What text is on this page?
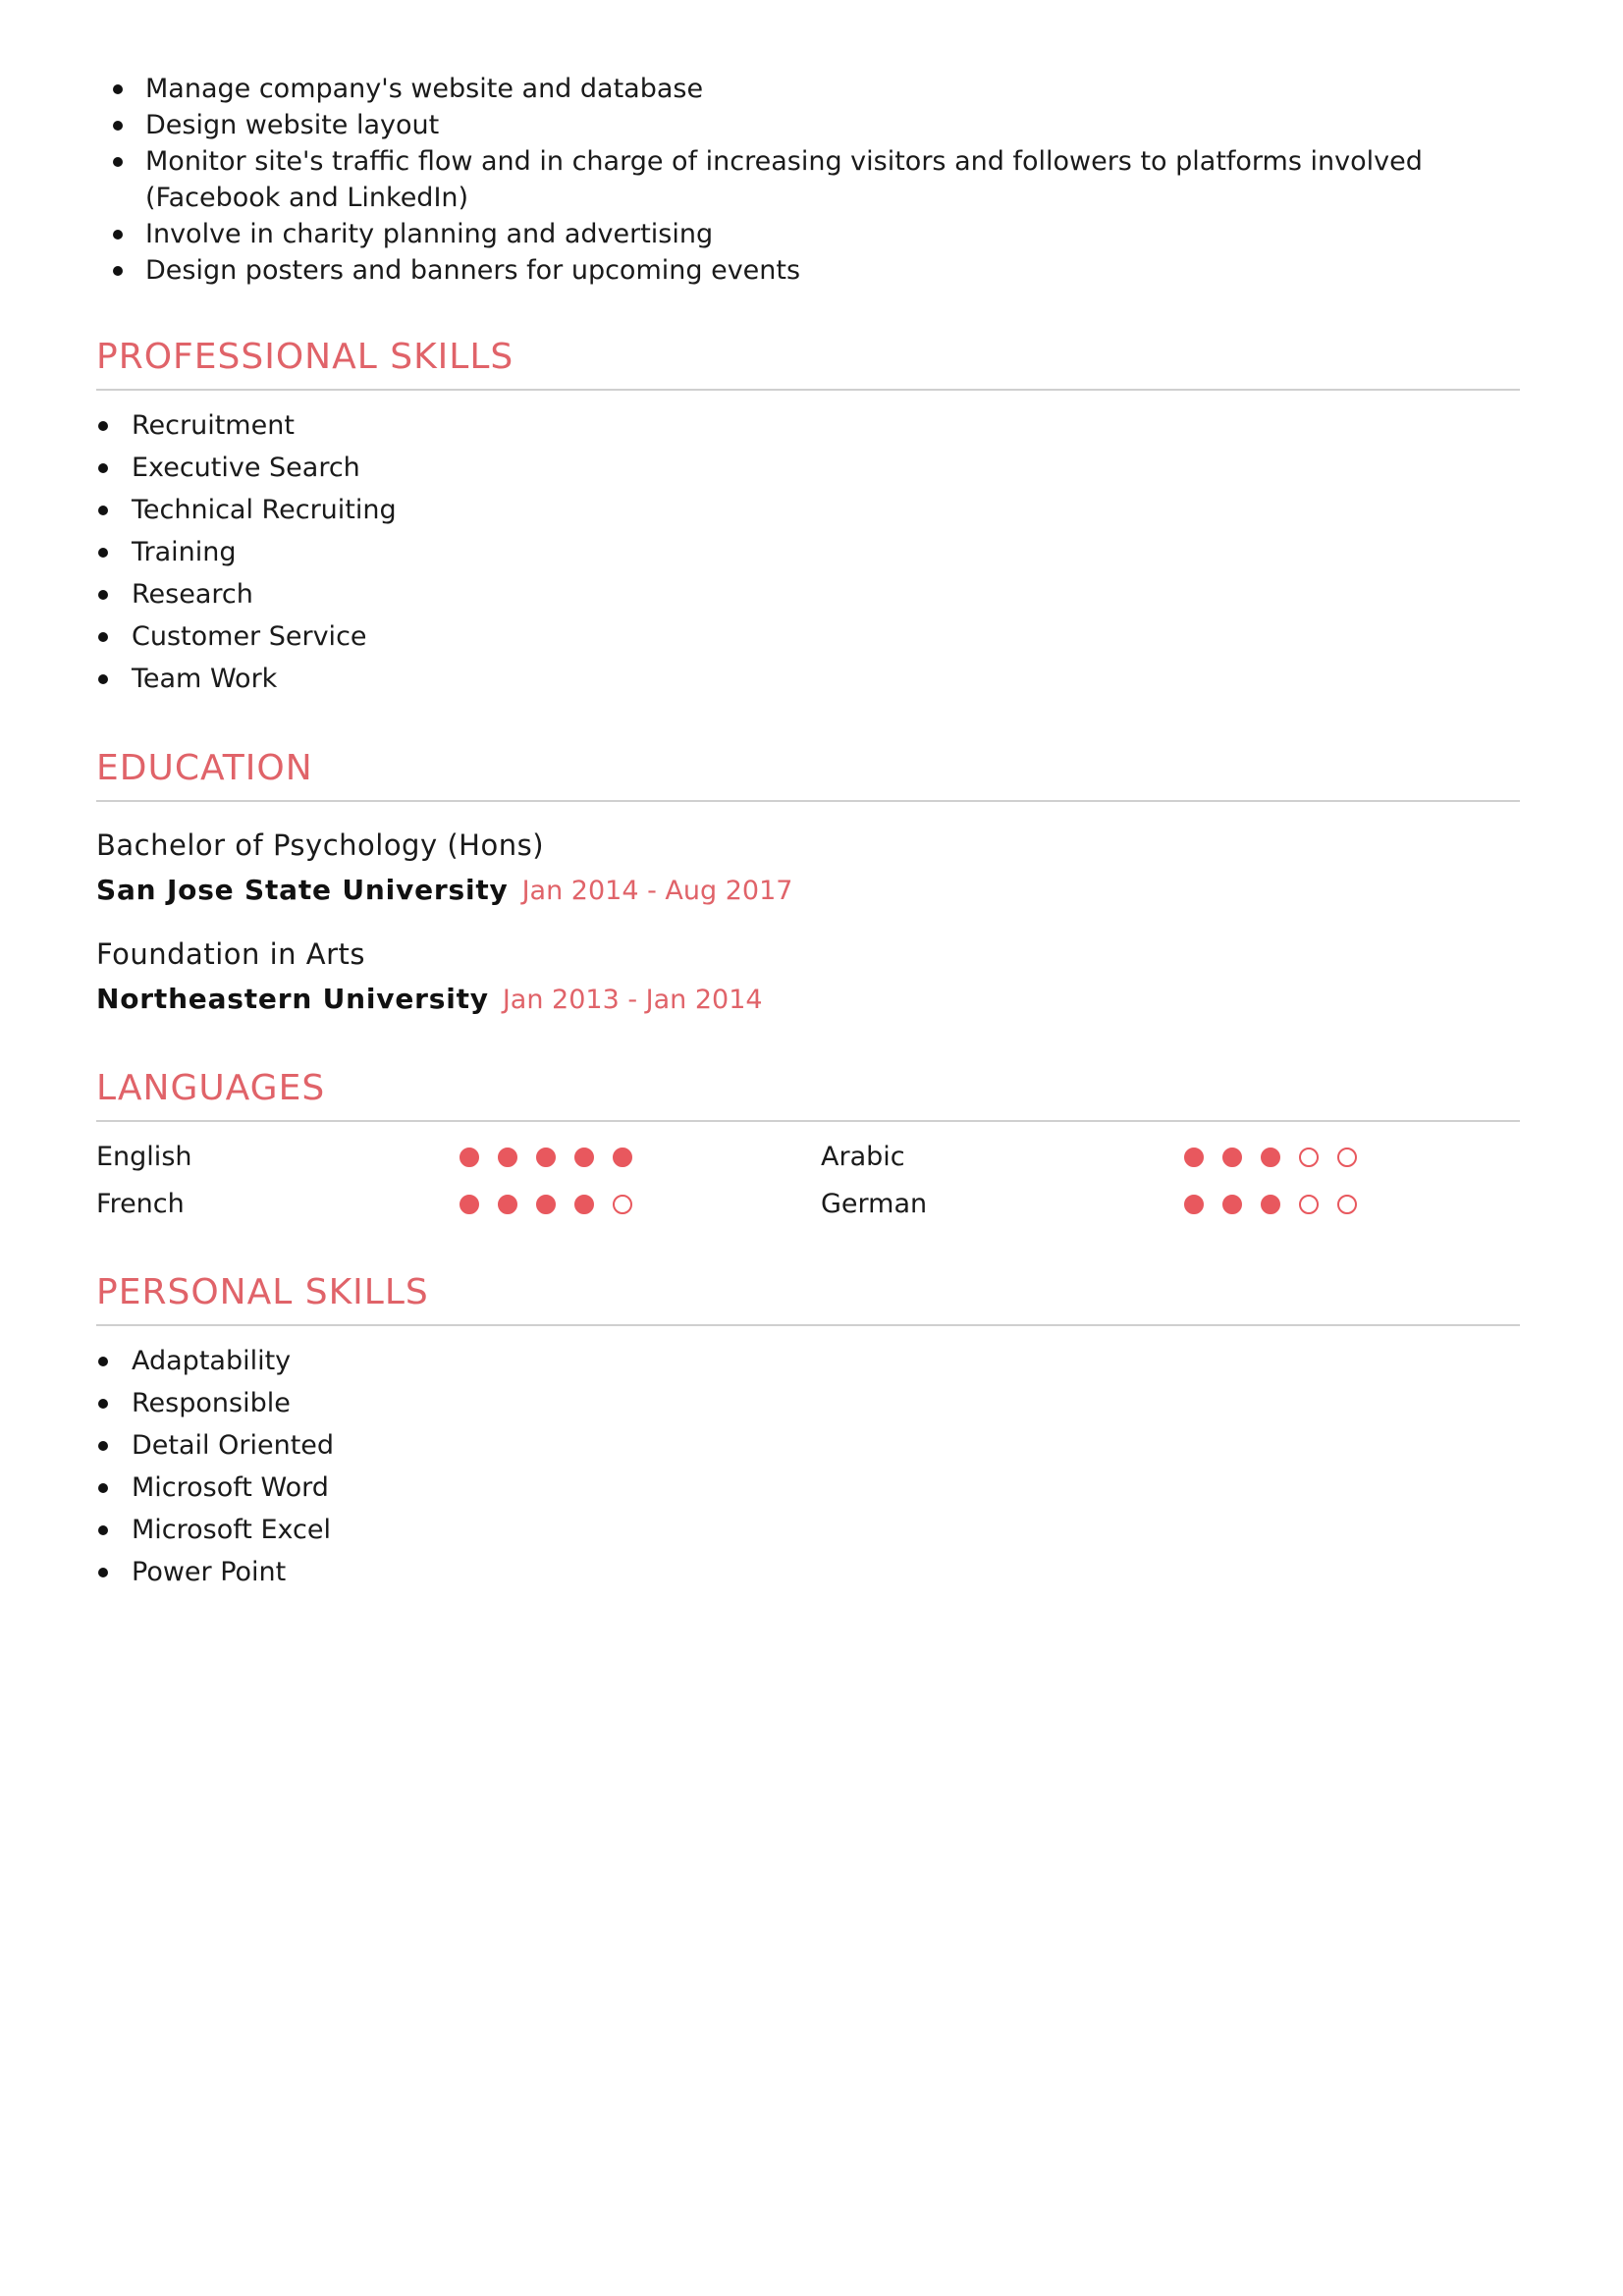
Manage company's website and database
Design website layout
Monitor site's traffic flow and in charge of increasing visitors and followers to platforms involved (Facebook and LinkedIn)
Involve in charity planning and advertising
Design posters and banners for upcoming events
PROFESSIONAL SKILLS
Recruitment
Executive Search
Technical Recruiting
Training
Research
Customer Service
Team Work
EDUCATION
Bachelor of Psychology (Hons)
San Jose State University Jan 2014 - Aug 2017
Foundation in Arts
Northeastern University Jan 2013 - Jan 2014
LANGUAGES
English	Arabic
French	German
PERSONAL SKILLS
Adaptability
Responsible
Detail Oriented
Microsoft Word
Microsoft Excel
Power Point
